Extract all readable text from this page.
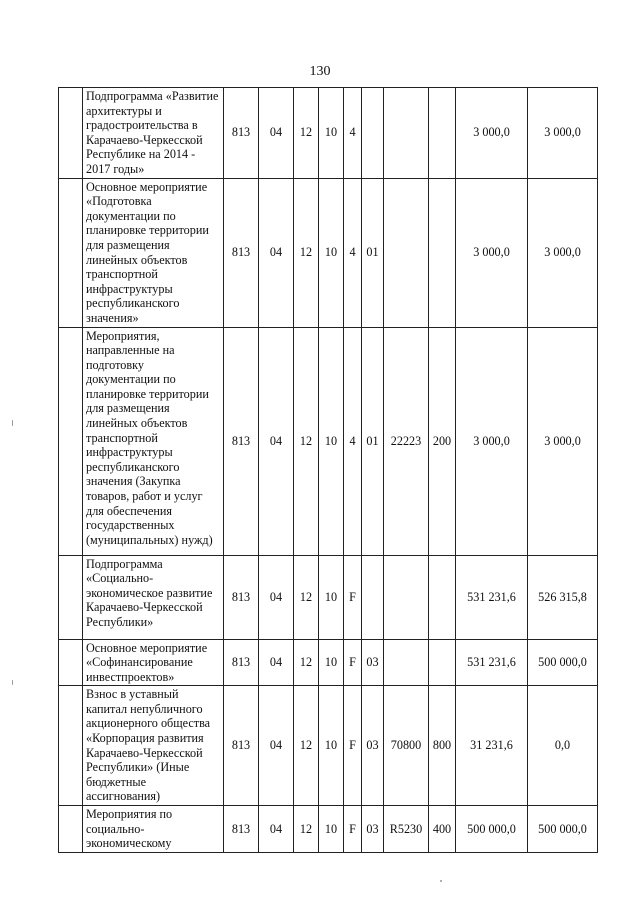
130
	Подпрограмма «Развитие архитектуры и градостроительства в Карачаево-Черкесской Республике на 2014 - 2017 годы»	813	04	12	10	4				3 000,0	3 000,0
	Основное мероприятие «Подготовка документации по планировке территории для размещения линейных объектов транспортной инфраструктуры республиканского значения»	813	04	12	10	4	01			3 000,0	3 000,0
	Мероприятия, направленные на подготовку документации по планировке территории для размещения линейных объектов транспортной инфраструктуры республиканского значения (Закупка товаров, работ и услуг для обеспечения государственных (муниципальных) нужд)	813	04	12	10	4	01	22223	200	3 000,0	3 000,0
	Подпрограмма «Социально-экономическое развитие Карачаево-Черкесской Республики»	813	04	12	10	F				531 231,6	526 315,8
	Основное мероприятие «Софинансирование инвестпроектов»	813	04	12	10	F	03			531 231,6	500 000,0
	Взнос в уставный капитал непубличного акционерного общества «Корпорация развития Карачаево-Черкесской Республики» (Иные бюджетные ассигнования)	813	04	12	10	F	03	70800	800	31 231,6	0,0
	Мероприятия по социально-экономическому	813	04	12	10	F	03	R5230	400	500 000,0	500 000,0
